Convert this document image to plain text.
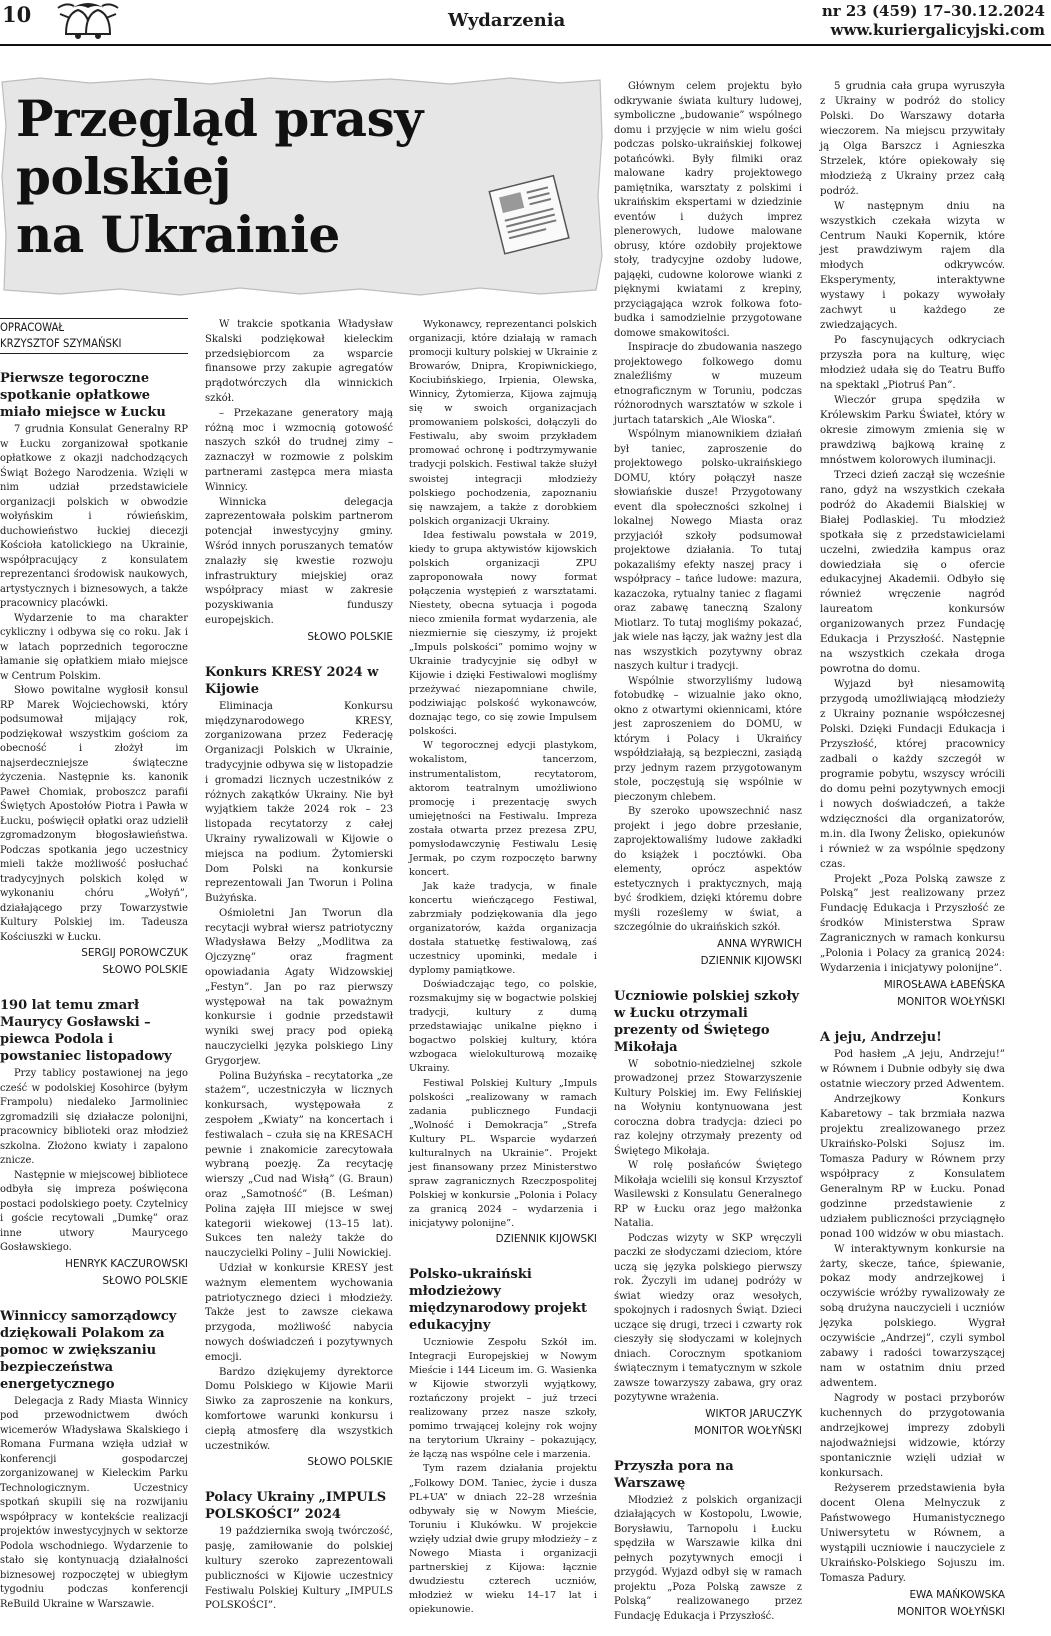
10	Wydarzenia	nr 23 (459) 17–30.12.2024
www.kuriergalicyjski.com
Przegląd prasy
polskiej
na Ukrainie
OPRACOWAŁ
KRZYSZTOF SZYMAŃSKI
Pierwsze tegoroczne spotkanie opłatkowe miało miejsce w Łucku

7 grudnia Konsulat Generalny RP w Łucku zorganizował spotkanie opłatkowe z okazji nadchodzących Świąt Bożego Narodzenia. Wzięli w nim udział przedstawiciele organizacji polskich w obwodzie wołyńskim i rówieńskim, duchowieństwo łuckiej diecezji Kościoła katolickiego na Ukrainie, współpracujący z konsulatem reprezentanci środowisk naukowych, artystycznych i biznesowych, a także pracownicy placówki.

Wydarzenie to ma charakter cykliczny i odbywa się co roku. Jak i w latach poprzednich tegoroczne łamanie się opłatkiem miało miejsce w Centrum Polskim.

Słowo powitalne wygłosił konsul RP Marek Wojciechowski, który podsumował mijający rok, podziękował wszystkim gościom za obecność i złożył im najserdeczniejsze świąteczne życzenia. Następnie ks. kanonik Paweł Chomiak, proboszcz parafii Świętych Apostołów Piotra i Pawła w Łucku, poświęcił opłatki oraz udzielił zgromadzonym błogosławieństwa. Podczas spotkania jego uczestnicy mieli także możliwość posłuchać tradycyjnych polskich kolęd w wykonaniu chóru „Wołyń”, działającego przy Towarzystwie Kultury Polskiej im. Tadeusza Kościuszki w Łucku.

SERGIJ POROWCZUK
SŁOWO POLSKIE
190 lat temu zmarł Maurycy Gosławski – piewca Podola i powstaniec listopadowy

Przy tablicy postawionej na jego cześć w podolskiej Kosohirce (byłym Frampolu) niedaleko Jarmoliniec zgromadzili się działacze polonijni, pracownicy biblioteki oraz młodzież szkolna. Złożono kwiaty i zapalono znicze.

Następnie w miejscowej bibliotece odbyła się impreza poświęcona postaci podolskiego poety. Czytelnicy i goście recytowali „Dumkę” oraz inne utwory Maurycego Gosławskiego.

HENRYK KACZUROWSKI
SŁOWO POLSKIE
Winniccy samorządowcy dziękowali Polakom za pomoc w zwiększaniu bezpieczeństwa energetycznego

Delegacja z Rady Miasta Winnicy pod przewodnictwem dwóch wicemerów Władysława Skalskiego i Romana Furmana wzięła udział w konferencji gospodarczej zorganizowanej w Kieleckim Parku Technologicznym. Uczestnicy spotkań skupili się na rozwijaniu współpracy w kontekście realizacji projektów inwestycyjnych w sektorze Podola wschodniego. Wydarzenie to stało się kontynuacją działalności biznesowej rozpoczętej w ubiegłym tygodniu podczas konferencji ReBuild Ukraine w Warszawie.

W trakcie spotkania Władysław Skalski podziękował kieleckim przedsiębiorcom za wsparcie finansowe przy zakupie agregatów prądotwórczych dla winnickich szkół.

– Przekazane generatory mają różną moc i wzmocnią gotowość naszych szkół do trudnej zimy – zaznaczył w rozmowie z polskim partnerami zastępca mera miasta Winnicy.

Winnicka delegacja zaprezentowała polskim partnerom potencjał inwestycyjny gminy. Wśród innych poruszanych tematów znalazły się kwestie rozwoju infrastruktury miejskiej oraz współpracy miast w zakresie pozyskiwania funduszy europejskich.

SŁOWO POLSKIE
Konkurs KRESY 2024 w Kijowie

Eliminacja Konkursu międzynarodowego KRESY, zorganizowana przez Federację Organizacji Polskich w Ukrainie, tradycyjnie odbywa się w listopadzie i gromadzi licznych uczestników z różnych zakątków Ukrainy. Nie był wyjątkiem także 2024 rok – 23 listopada recytatorzy z całej Ukrainy rywalizowali w Kijowie o miejsca na podium. Żytomierski Dom Polski na konkursie reprezentowali Jan Tworun i Polina Bużyńska.

Ośmioletni Jan Tworun dla recytacji wybrał wiersz patriotyczny Władysława Bełzy „Modlitwa za Ojczyznę” oraz fragment opowiadania Agaty Widzowskiej „Festyn”. Jan po raz pierwszy występował na tak poważnym konkursie i godnie przedstawił wyniki swej pracy pod opieką nauczycielki języka polskiego Liny Grygorjew.

Polina Bużyńska – recytatorka „ze stażem”, uczestniczyła w licznych konkursach, występowała z zespołem „Kwiaty” na koncertach i festiwalach – czuła się na KRESACH pewnie i znakomicie zarecytowała wybraną poezję. Za recytację wierszy „Cud nad Wisłą” (G. Braun) oraz „Samotność” (B. Leśman) Polina zajęła III miejsce w swej kategorii wiekowej (13–15 lat). Sukces ten należy także do nauczycielki Poliny – Julii Nowickiej.

Udział w konkursie KRESY jest ważnym elementem wychowania patriotycznego dzieci i młodzieży. Także jest to zawsze ciekawa przygoda, możliwość nabycia nowych doświadczeń i pozytywnych emocji.

Bardzo dziękujemy dyrektorce Domu Polskiego w Kijowie Marii Siwko za zaproszenie na konkurs, komfortowe warunki konkursu i ciepłą atmosferę dla wszystkich uczestników.

SŁOWO POLSKIE
Polacy Ukrainy „IMPULS POLSKOŚCI” 2024

19 października swoją twórczość, pasję, zamiłowanie do polskiej kultury szeroko zaprezentowali publiczności w Kijowie uczestnicy Festiwalu Polskiej Kultury „IMPULS POLSKOŚCI”.

Wykonawcy, reprezentanci polskich organizacji, które działają w ramach promocji kultury polskiej w Ukrainie z Browarów, Dnipra, Kropiwnickiego, Kociubińskiego, Irpienia, Olewska, Winnicy, Żytomierza, Kijowa zajmują się w swoich organizacjach promowaniem polskości, dołączyli do Festiwalu, aby swoim przykładem promować ochronę i podtrzymywanie tradycji polskich. Festiwal także służył swoistej integracji młodzieży polskiego pochodzenia, zapoznaniu się nawzajem, a także z dorobkiem polskich organizacji Ukrainy.

Idea festiwalu powstała w 2019, kiedy to grupa aktywistów kijowskich polskich organizacji ZPU zaproponowała nowy format połączenia występień z warsztatami. Niestety, obecna sytuacja i pogoda nieco zmieniła format wydarzenia, ale niezmiernie się cieszymy, iż projekt „Impuls polskości” pomimo wojny w Ukrainie tradycyjnie się odbył w Kijowie i dzięki Festiwalowi mogliśmy przeżywać niezapomniane chwile, podziwiając polskość wykonawców, doznając tego, co się zowie Impulsem polskości.

W tegorocznej edycji plastykom, wokalistom, tancerzom, instrumentalistom, recytatorom, aktorom teatralnym umożliwiono promocję i prezentację swych umiejętności na Festiwalu. Impreza została otwarta przez prezesa ZPU, pomysłodawczynię Festiwalu Lesię Jermak, po czym rozpoczęto barwny koncert.

Jak każe tradycja, w finale koncertu wieńczącego Festiwal, zabrzmiały podziękowania dla jego organizatorów, każda organizacja dostała statuetkę festiwalową, zaś uczestnicy upominki, medale i dyplomy pamiątkowe.

Doświadczając tego, co polskie, rozsmakujmy się w bogactwie polskiej tradycji, kultury z dumą przedstawiając unikalne piękno i bogactwo polskiej kultury, która wzbogaca wielokulturową mozaikę Ukrainy.

Festiwal Polskiej Kultury „Impuls polskości „realizowany w ramach zadania publicznego Fundacji „Wolność i Demokracja” „Strefa Kultury PL. Wsparcie wydarzeń kulturalnych na Ukrainie”. Projekt jest finansowany przez Ministerstwo spraw zagranicznych Rzeczpospolitej Polskiej w konkursie „Polonia i Polacy za granicą 2024 – wydarzenia i inicjatywy polonijne”.

DZIENNIK KIJOWSKI
Polsko-ukraiński młodzieżowy międzynarodowy projekt edukacyjny

Uczniowie Zespołu Szkół im. Integracji Europejskiej w Nowym Mieście i 144 Liceum im. G. Wasienka w Kijowie stworzyli wyjątkowy, roztańczony projekt – już trzeci realizowany przez nasze szkoły, pomimo trwającej kolejny rok wojny na terytorium Ukrainy – pokazujący, że łączą nas wspólne cele i marzenia.

Tym razem działania projektu „Folkowy DOM. Taniec, życie i dusza PL+UA” w dniach 22–28 września odbywały się w Nowym Mieście, Toruniu i Klukówku. W projekcie wzięły udział dwie grupy młodzieży – z Nowego Miasta i organizacji partnerskiej z Kijowa: łącznie dwudziestu czterech uczniów, młodzież w wieku 14–17 lat i opiekunowie.

Głównym celem projektu było odkrywanie świata kultury ludowej, symboliczne „budowanie” wspólnego domu i przyjęcie w nim wielu gości podczas polsko-ukraińskiej folkowej potańcówki. Były filmiki oraz malowane kadry projektowego pamiętnika, warsztaty z polskimi i ukraińskim ekspertami w dziedzinie eventów i dużych imprez plenerowych, ludowe malowane obrusy, które ozdobiły projektowe stoły, tradycyjne ozdoby ludowe, pająęki, cudowne kolorowe wianki z pięknymi kwiatami z krepiny, przyciągająca wzrok folkowa foto-budka i samodzielnie przygotowane domowe smakowitości.

Inspiracje do zbudowania naszego projektowego folkowego domu znaleźliśmy w muzeum etnograficznym w Toruniu, podczas różnorodnych warsztatów w szkole i jurtach tatarskich „Ale Wioska”.

Wspólnym mianownikiem działań był taniec, zaproszenie do projektowego polsko-ukraińskiego DOMU, który połączył nasze słowiańskie dusze! Przygotowany event dla społeczności szkolnej i lokalnej Nowego Miasta oraz przyjaciół szkoły podsumował projektowe działania. To tutaj pokazaliśmy efekty naszej pracy i współpracy – tańce ludowe: mazura, kazaczoka, rytualny taniec z flagami oraz zabawę taneczną Szalony Miotlarz. To tutaj mogliśmy pokazać, jak wiele nas łączy, jak ważny jest dla nas wszystkich pozytywny obraz naszych kultur i tradycji.

Wspólnie stworzyliśmy ludową fotobudkę – wizualnie jako okno, okno z otwartymi okiennicami, które jest zaproszeniem do DOMU, w którym i Polacy i Ukraińcy współdziałają, są bezpieczni, zasiądą przy jednym razem przygotowanym stole, poczęstują się wspólnie w pieczonym chlebem.

By szeroko upowszechnić nasz projekt i jego dobre przesłanie, zaprojektowaliśmy ludowe zakładki do książek i pocztówki. Oba elementy, oprócz aspektów estetycznych i praktycznych, mają być środkiem, dzięki któremu dobre myśli roześlemy w świat, a szczególnie do ukraińskich szkół.

ANNA WYRWICH
DZIENNIK KIJOWSKI
Uczniowie polskiej szkoły w Łucku otrzymali prezenty od Świętego Mikołaja

W sobotnio-niedzielnej szkole prowadzonej przez Stowarzyszenie Kultury Polskiej im. Ewy Felińskiej na Wołyniu kontynuowana jest coroczna dobra tradycja: dzieci po raz kolejny otrzymały prezenty od Świętego Mikołaja.

W rolę posłańców Świętego Mikołaja wcielili się konsul Krzysztof Wasilewski z Konsulatu Generalnego RP w Łucku oraz jego małżonka Natalia.

Podczas wizyty w SKP wręczyli paczki ze słodyczami dzieciom, które uczą się języka polskiego pierwszy rok. Życzyli im udanej podróży w świat wiedzy oraz wesołych, spokojnych i radosnych Świąt. Dzieci uczące się drugi, trzeci i czwarty rok cieszyły się słodyczami w kolejnych dniach. Corocznym spotkaniom świątecznym i tematycznym w szkole zawsze towarzyszy zabawa, gry oraz pozytywne wrażenia.

WIKTOR JARUCZYK
MONITOR WOŁYŃSKI
Przyszła pora na Warszawę

Młodzież z polskich organizacji działających w Kostopolu, Lwowie, Borysławiu, Tarnopolu i Łucku spędziła w Warszawie kilka dni pełnych pozytywnych emocji i przygód. Wyjazd odbył się w ramach projektu „Poza Polską zawsze z Polską” realizowanego przez Fundację Edukacja i Przyszłość.

5 grudnia cała grupa wyruszyła z Ukrainy w podróż do stolicy Polski. Do Warszawy dotarła wieczorem. Na miejscu przywitały ją Olga Barszcz i Agnieszka Strzelek, które opiekowały się młodzieżą z Ukrainy przez całą podróż.

W następnym dniu na wszystkich czekała wizyta w Centrum Nauki Kopernik, które jest prawdziwym rajem dla młodych odkrywców. Eksperymenty, interaktywne wystawy i pokazy wywołały zachwyt u każdego ze zwiedzających.

Po fascynujących odkryciach przyszła pora na kulturę, więc młodzież udała się do Teatru Buffo na spektakl „Piotruś Pan”.

Wieczór grupa spędziła w Królewskim Parku Świateł, który w okresie zimowym zmienia się w prawdziwą bajkową krainę z mnóstwem kolorowych iluminacji.

Trzeci dzień zaczął się wcześnie rano, gdyż na wszystkich czekała podróż do Akademii Bialskiej w Białej Podlaskiej. Tu młodzież spotkała się z przedstawicielami uczelni, zwiedziła kampus oraz dowiedziała się o ofercie edukacyjnej Akademii. Odbyło się również wręczenie nagród laureatom konkursów organizowanych przez Fundację Edukacja i Przyszłość. Następnie na wszystkich czekała droga powrotna do domu.

Wyjazd był niesamowitą przygodą umożliwiającą młodzieży z Ukrainy poznanie współczesnej Polski. Dzięki Fundacji Edukacja i Przyszłość, której pracownicy zadbali o każdy szczegół w programie pobytu, wszyscy wrócili do domu pełni pozytywnych emocji i nowych doświadczeń, a także wdzięczności dla organizatorów, m.in. dla Iwony Żelisko, opiekunów i również w za wspólnie spędzony czas.

Projekt „Poza Polską zawsze z Polską” jest realizowany przez Fundację Edukacja i Przyszłość ze środków Ministerstwa Spraw Zagranicznych w ramach konkursu „Polonia i Polacy za granicą 2024: Wydarzenia i inicjatywy polonijne”.

MIROSŁAWA ŁABEŃSKA
MONITOR WOŁYŃSKI
A jeju, Andrzeju!

Pod hasłem „A jeju, Andrzeju!” w Równem i Dubnie odbyły się dwa ostatnie wieczory przed Adwentem.

Andrzejkowy Konkurs Kabaretowy – tak brzmiała nazwa projektu zrealizowanego przez Ukraińsko-Polski Sojusz im. Tomasza Padury w Równem przy współpracy z Konsulatem Generalnym RP w Łucku. Ponad godzinne przedstawienie z udziałem publiczności przyciągnęło ponad 100 widzów w obu miastach.

W interaktywnym konkursie na żarty, skecze, tańce, śpiewanie, pokaz mody andrzejkowej i oczywiście wróżby rywalizowały ze sobą drużyna nauczycieli i uczniów języka polskiego. Wygrał oczywiście „Andrzej”, czyli symbol zabawy i radości towarzyszącej nam w ostatnim dniu przed adwentem.

Nagrody w postaci przyborów kuchennych do przygotowania andrzejkowej imprezy zdobyli najodważniejsi widzowie, którzy spontanicznie wzięli udział w konkursach.

Reżyserem przedstawienia była docent Olena Melnyczuk z Państwowego Humanistycznego Uniwersytetu w Równem, a wystąpili uczniowie i nauczyciele z Ukraińsko-Polskiego Sojuszu im. Tomasza Padury.

EWA MAŃKOWSKA
MONITOR WOŁYŃSKI
